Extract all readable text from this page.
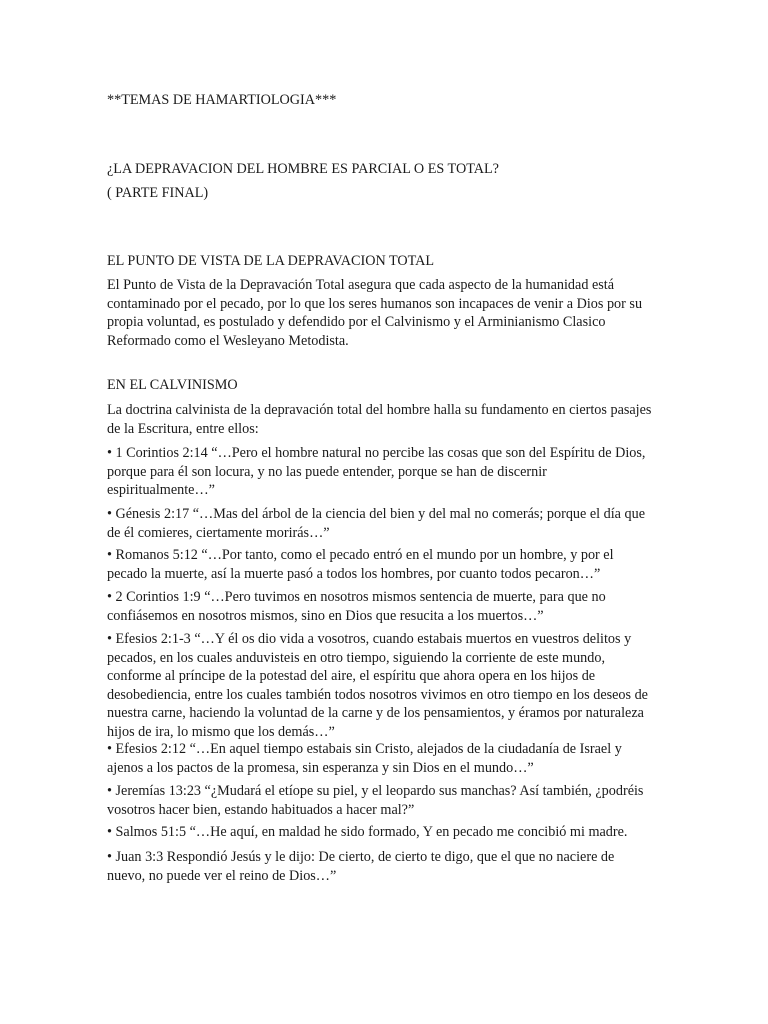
**TEMAS DE HAMARTIOLOGIA***
¿LA DEPRAVACION DEL HOMBRE ES PARCIAL O ES TOTAL?
( PARTE FINAL)
EL PUNTO DE VISTA DE LA DEPRAVACION TOTAL

El Punto de Vista de la Depravación Total asegura que cada aspecto de la humanidad está

contaminado por el pecado, por lo que los seres humanos son incapaces de venir a Dios por su

propia voluntad, es postulado y defendido por el Calvinismo y el Arminianismo Clasico

Reformado como el Wesleyano Metodista.

EN EL CALVINISMO

La doctrina calvinista de la depravación total del hombre halla su fundamento en ciertos pasajes

de la Escritura, entre ellos:

• 1 Corintios 2:14 “…Pero el hombre natural no percibe las cosas que son del Espíritu de Dios,

porque para él son locura, y no las puede entender, porque se han de discernir

espiritualmente…”

• Génesis 2:17 “…Mas del árbol de la ciencia del bien y del mal no comerás; porque el día que

de él comieres, ciertamente morirás…”

• Romanos 5:12 “…Por tanto, como el pecado entró en el mundo por un hombre, y por el

pecado la muerte, así la muerte pasó a todos los hombres, por cuanto todos pecaron…”

• 2 Corintios 1:9 “…Pero tuvimos en nosotros mismos sentencia de muerte, para que no

confiásemos en nosotros mismos, sino en Dios que resucita a los muertos…”

• Efesios 2:1-3 “…Y él os dio vida a vosotros, cuando estabais muertos en vuestros delitos y

pecados, en los cuales anduvisteis en otro tiempo, siguiendo la corriente de este mundo,

conforme al príncipe de la potestad del aire, el espíritu que ahora opera en los hijos de

desobediencia, entre los cuales también todos nosotros vivimos en otro tiempo en los deseos de

nuestra carne, haciendo la voluntad de la carne y de los pensamientos, y éramos por naturaleza

hijos de ira, lo mismo que los demás…”

• Efesios 2:12 “…En aquel tiempo estabais sin Cristo, alejados de la ciudadanía de Israel y

ajenos a los pactos de la promesa, sin esperanza y sin Dios en el mundo…”

• Jeremías 13:23 “¿Mudará el etíope su piel, y el leopardo sus manchas? Así también, ¿podréis

vosotros hacer bien, estando habituados a hacer mal?”

• Salmos 51:5 “…He aquí, en maldad he sido formado, Y en pecado me concibió mi madre.

• Juan 3:3 Respondió Jesús y le dijo: De cierto, de cierto te digo, que el que no naciere de

nuevo, no puede ver el reino de Dios…”
